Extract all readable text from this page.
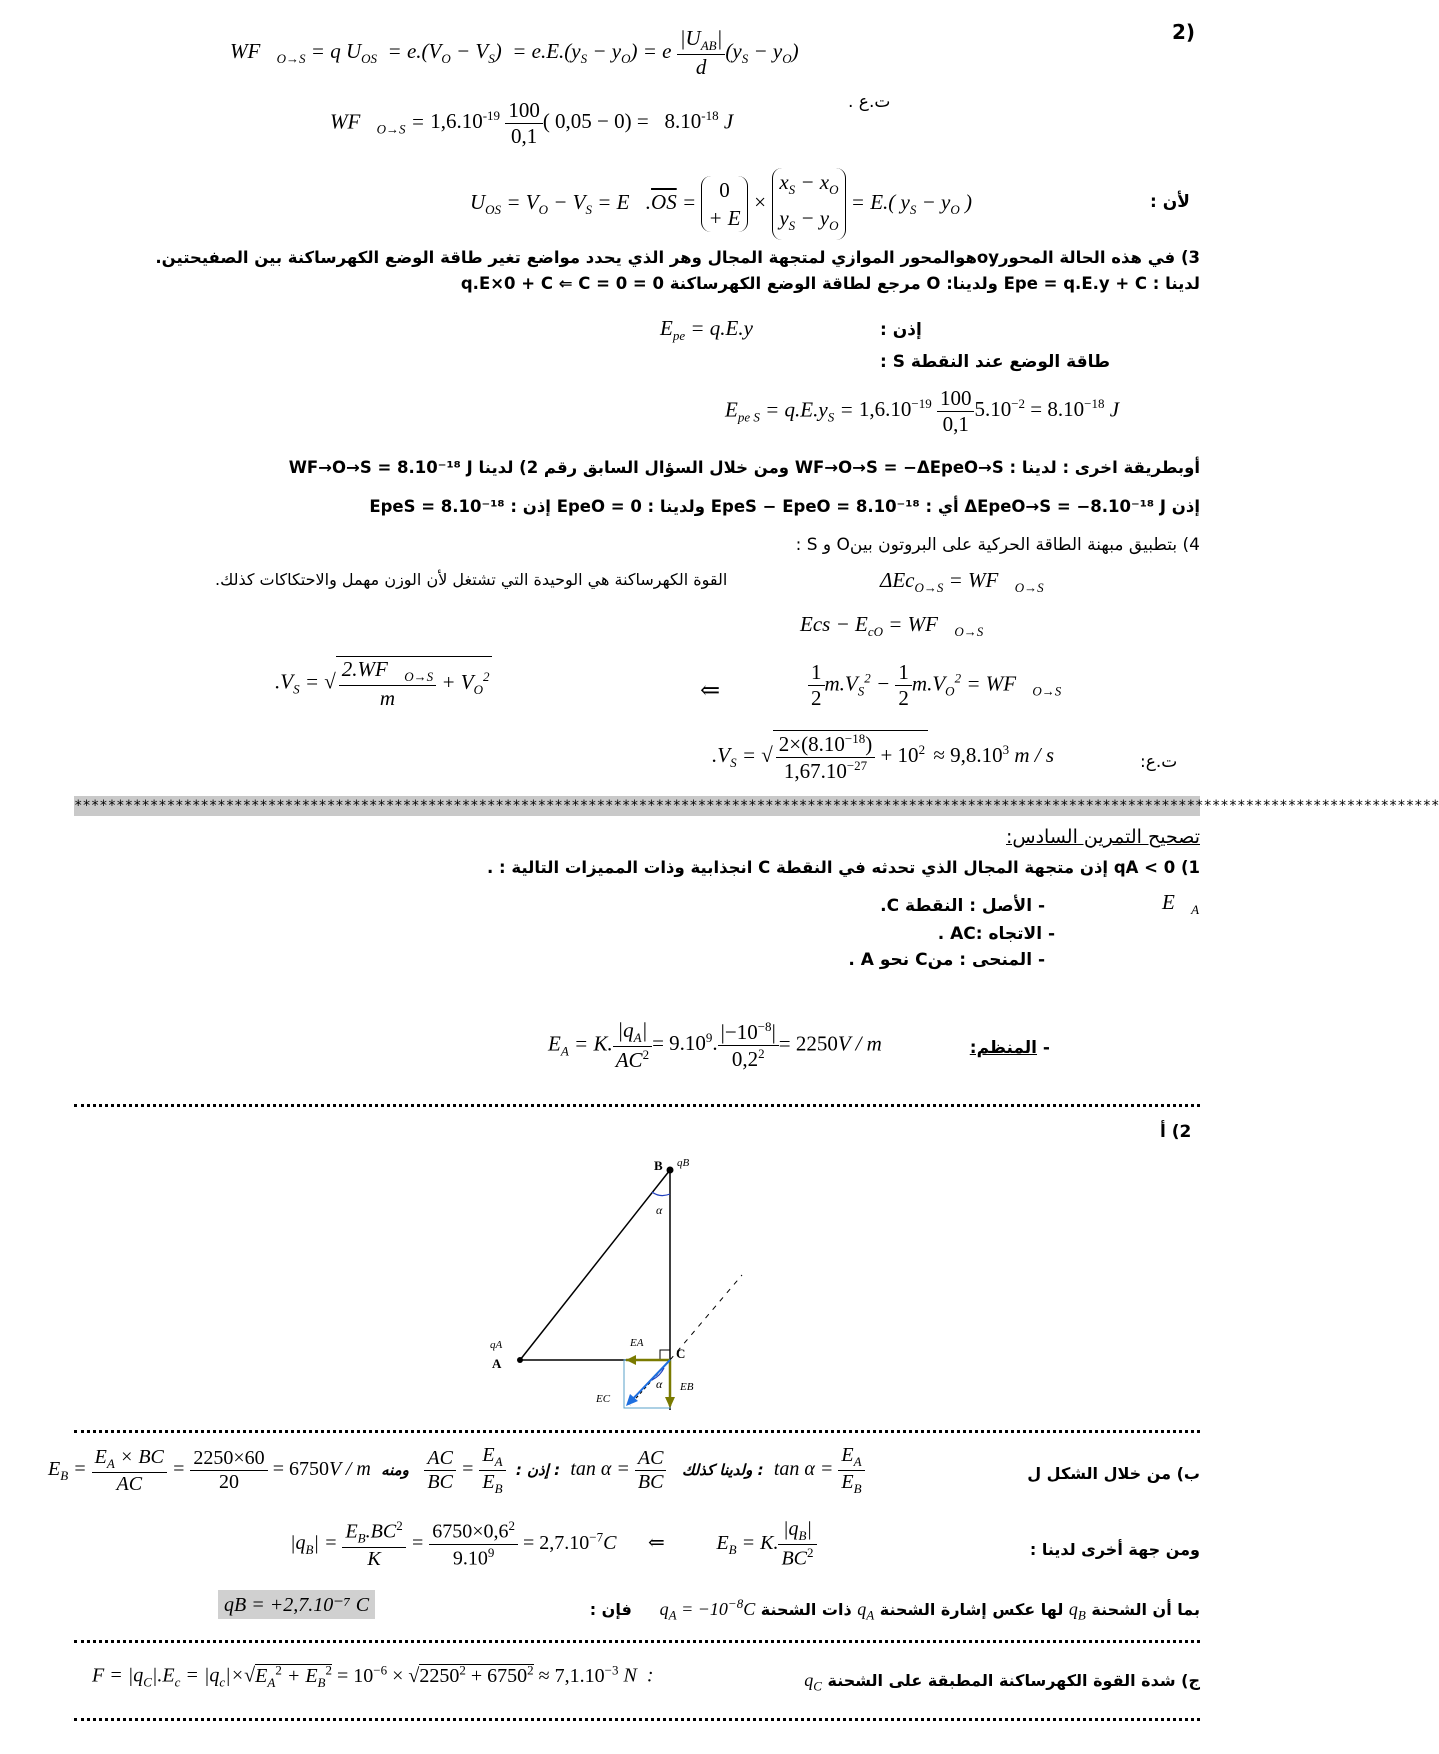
(2
$WF⃗_{O\to S} = q$ $U_{OS} = e.(V_O - V_S) = e.E.(y_S - y_O) = e \frac{|U_{AB}|}{d} (y_S - y_O)$
$WF⃗_{O\to S} = 1,6.10^{-19} \frac{100}{0,1}$ ( $0,05 - 0) = 8.10^{-18}$ J
ت.ع .
$U_{OS} = V_O - V_S$ = $E⃗.\overline{OS} = 0$
+ $E \times x_S - x_O$
$y_S - y_O = E$.( $y_S - y_O$ )	لأن :
3) في هذه الحالة المحورoyهوالمحور الموازي لمتجهة المجال وهر الذي يحدد مواضع تغير طاقة الوضع الكهرساكنة بين الصفيحتين.
لدينا : Epe = q.E.y + C ولدينا: O مرجع لطاقة الوضع الكهرساكنة 0 = q.E×0 + C ⇐ C = 0
إذن :
$E_{pe} = q.E.y$
طاقة الوضع عند النقطة S :
$E_{pe S} = q.E.y_S = 1,6.10^{-19} \frac{100}{0,1} 5.10^{-2} = 8.10^{-18}$ J
أوبطريقة اخرى : لدينا : WF→O→S = −ΔEpeO→S ومن خلال السؤال السابق رقم 2) لدينا WF→O→S = 8.10⁻¹⁸ J
إذن ΔEpeO→S = −8.10⁻¹⁸ J أي : EpeS − EpeO = 8.10⁻¹⁸ ولدينا : EpeO = 0 إذن : EpeS = 8.10⁻¹⁸
4) بتطبيق مبهنة الطاقة الحركية على البروتون بينO و S :
$\Delta Ec_{O\to S} = WF⃗_{O\to S}$
القوة الكهرساكنة هي الوحيدة التي تشتغل لأن الوزن مهمل والاحتكاكات كذلك.
Ecs − $E_{cO}$ = $WF⃗_{O\to S}$
$.V_S$ = √ $\frac{2.WF⃗_{O\to S}}{m} + V_O^2$
⇐	$\frac{1}{2} m.V_S^2 - \frac{1}{2} m.V_O^2$ = $WF⃗_{O\to S}$
ت.ع:
$.V_S$ = √ $\frac{2\times(8.10^{-18})}{1,67.10^{-27}} + 10^2 \approx 9,8.10^3$ m / s
******************************************************************************************************************************************************************
تصحيح التمرين السادس:
1) qA < 0 إذن متجهة المجال الذي تحدثه في النقطة C انجذابية وذات المميزات التالية : .
$E⃗_A$
- الأصل : النقطة C.
- الاتجاه :AC .
- المنحى : منC نحو A .
- المنظم:
$E_A = K$. $\frac{|q_A|}{AC^2} = 9.10^9$. $\frac{|-10^{-8}|}{0,2^2} = 2250V / m$
2) أ
B qB
α
qA
A
C
EA
EB
EC
α
ب) من خلال الشكل ل
$E_B = \frac{E_A \times BC}{AC} = \frac{2250\times 60}{20} = 6750V / m$  إذن :
$\frac{E_A}{E_B}$
=
$\frac{AC}{BC}$
ومنه :  $\tan \alpha = \frac{AC}{BC}$ ولدينا كذلك :  $\tan \alpha = \frac{E_A}{E_B}$
ومن جهة أخرى لدينا :
$|q_B| = \frac{E_B.BC^2}{K} = \frac{6750\times 0,6^2}{9.10^9} = 2,7.10^{-7}C$ ⇐     $E_B = K$. $\frac{|q_B|}{BC^2}$
بما أن الشحنة $q_B$ لها عكس إشارة الشحنة $q_A$ ذات الشحنة $q_A = -10^{-8}C$     فإن :
qB = +2,7.10⁻⁷ C
ج) شدة القوة الكهرساكنة المطبقة على الشحنة $q_C$
$F = |q_C|.E_c = |q_c|\times√E_A^2 + E_B^2 = 10^{-6} \times √2250^2 + 6750^2 \approx 7,1.10^{-3}$ N  :
